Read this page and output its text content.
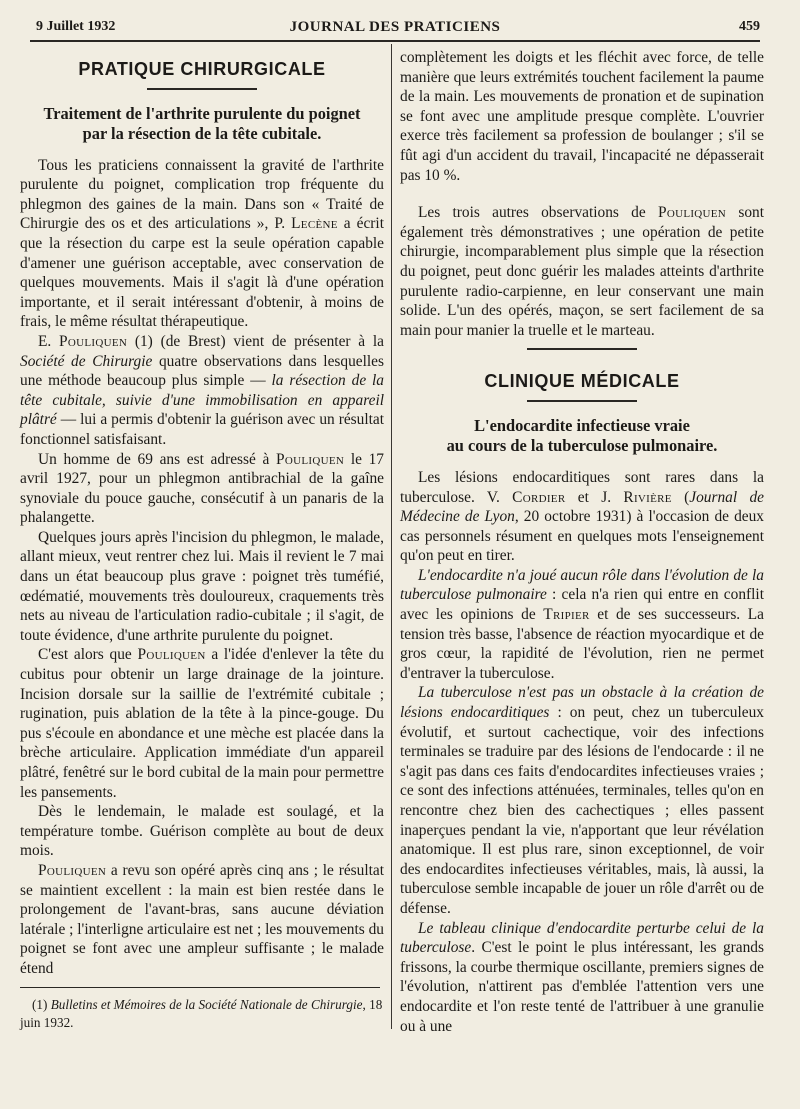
9 Juillet 1932	JOURNAL DES PRATICIENS	459
PRATIQUE CHIRURGICALE
Traitement de l'arthrite purulente du poignet
par la résection de la tête cubitale.

Tous les praticiens connaissent la gravité de l'arthrite purulente du poignet, complication trop fréquente du phlegmon des gaines de la main. Dans son « Traité de Chirurgie des os et des articulations », P. Lecène a écrit que la résection du carpe est la seule opération capable d'amener une guérison acceptable, avec conservation de quelques mouvements. Mais il s'agit là d'une opération importante, et il serait intéressant d'obtenir, à moins de frais, le même résultat thérapeutique.

E. Pouliquen (1) (de Brest) vient de présenter à la Société de Chirurgie quatre observations dans lesquelles une méthode beaucoup plus simple — la résection de la tête cubitale, suivie d'une immobilisation en appareil plâtré — lui a permis d'obtenir la guérison avec un résultat fonctionnel satisfaisant.

Un homme de 69 ans est adressé à Pouliquen le 17 avril 1927, pour un phlegmon antibrachial de la gaîne synoviale du pouce gauche, consécutif à un panaris de la phalangette.

Quelques jours après l'incision du phlegmon, le malade, allant mieux, veut rentrer chez lui. Mais il revient le 7 mai dans un état beaucoup plus grave : poignet très tuméfié, œdématié, mouvements très douloureux, craquements très nets au niveau de l'articulation radio-cubitale ; il s'agit, de toute évidence, d'une arthrite purulente du poignet.

C'est alors que Pouliquen a l'idée d'enlever la tête du cubitus pour obtenir un large drainage de la jointure. Incision dorsale sur la saillie de l'extrémité cubitale ; rugination, puis ablation de la tête à la pince-gouge. Du pus s'écoule en abondance et une mèche est placée dans la brèche articulaire. Application immédiate d'un appareil plâtré, fenêtré sur le bord cubital de la main pour permettre les pansements.

Dès le lendemain, le malade est soulagé, et la température tombe. Guérison complète au bout de deux mois.

Pouliquen a revu son opéré après cinq ans ; le résultat se maintient excellent : la main est bien restée dans le prolongement de l'avant-bras, sans aucune déviation latérale ; l'interligne articulaire est net ; les mouvements du poignet se font avec une ampleur suffisante ; le malade étend

(1) Bulletins et Mémoires de la Société Nationale de Chirurgie, 18 juin 1932.

complètement les doigts et les fléchit avec force, de telle manière que leurs extrémités touchent facilement la paume de la main. Les mouvements de pronation et de supination se font avec une amplitude presque complète. L'ouvrier exerce très facilement sa profession de boulanger ; s'il se fût agi d'un accident du travail, l'incapacité ne dépasserait pas 10 %.

Les trois autres observations de Pouliquen sont également très démonstratives ; une opération de petite chirurgie, incomparablement plus simple que la résection du poignet, peut donc guérir les malades atteints d'arthrite purulente radio-carpienne, en leur conservant une main solide. L'un des opérés, maçon, se sert facilement de sa main pour manier la truelle et le marteau.

CLINIQUE MÉDICALE
L'endocardite infectieuse vraie
au cours de la tuberculose pulmonaire.

Les lésions endocarditiques sont rares dans la tuberculose. V. Cordier et J. Rivière (Journal de Médecine de Lyon, 20 octobre 1931) à l'occasion de deux cas personnels résument en quelques mots l'enseignement qu'on peut en tirer.

L'endocardite n'a joué aucun rôle dans l'évolution de la tuberculose pulmonaire : cela n'a rien qui entre en conflit avec les opinions de Tripier et de ses successeurs. La tension très basse, l'absence de réaction myocardique et de gros cœur, la rapidité de l'évolution, rien ne permet d'entraver la tuberculose.

La tuberculose n'est pas un obstacle à la création de lésions endocarditiques : on peut, chez un tuberculeux évolutif, et surtout cachectique, voir des infections terminales se traduire par des lésions de l'endocarde : il ne s'agit pas dans ces faits d'endocardites infectieuses vraies ; ce sont des infections atténuées, terminales, telles qu'on en rencontre chez bien des cachectiques ; elles passent inaperçues pendant la vie, n'apportant que leur révélation anatomique. Il est plus rare, sinon exceptionnel, de voir des endocardites infectieuses véritables, mais, là aussi, la tuberculose semble incapable de jouer un rôle d'arrêt ou de défense.

Le tableau clinique d'endocardite perturbe celui de la tuberculose. C'est le point le plus intéressant, les grands frissons, la courbe thermique oscillante, premiers signes de l'évolution, n'attirent pas d'emblée l'attention vers une endocardite et l'on reste tenté de l'attribuer à une granulie ou à une
